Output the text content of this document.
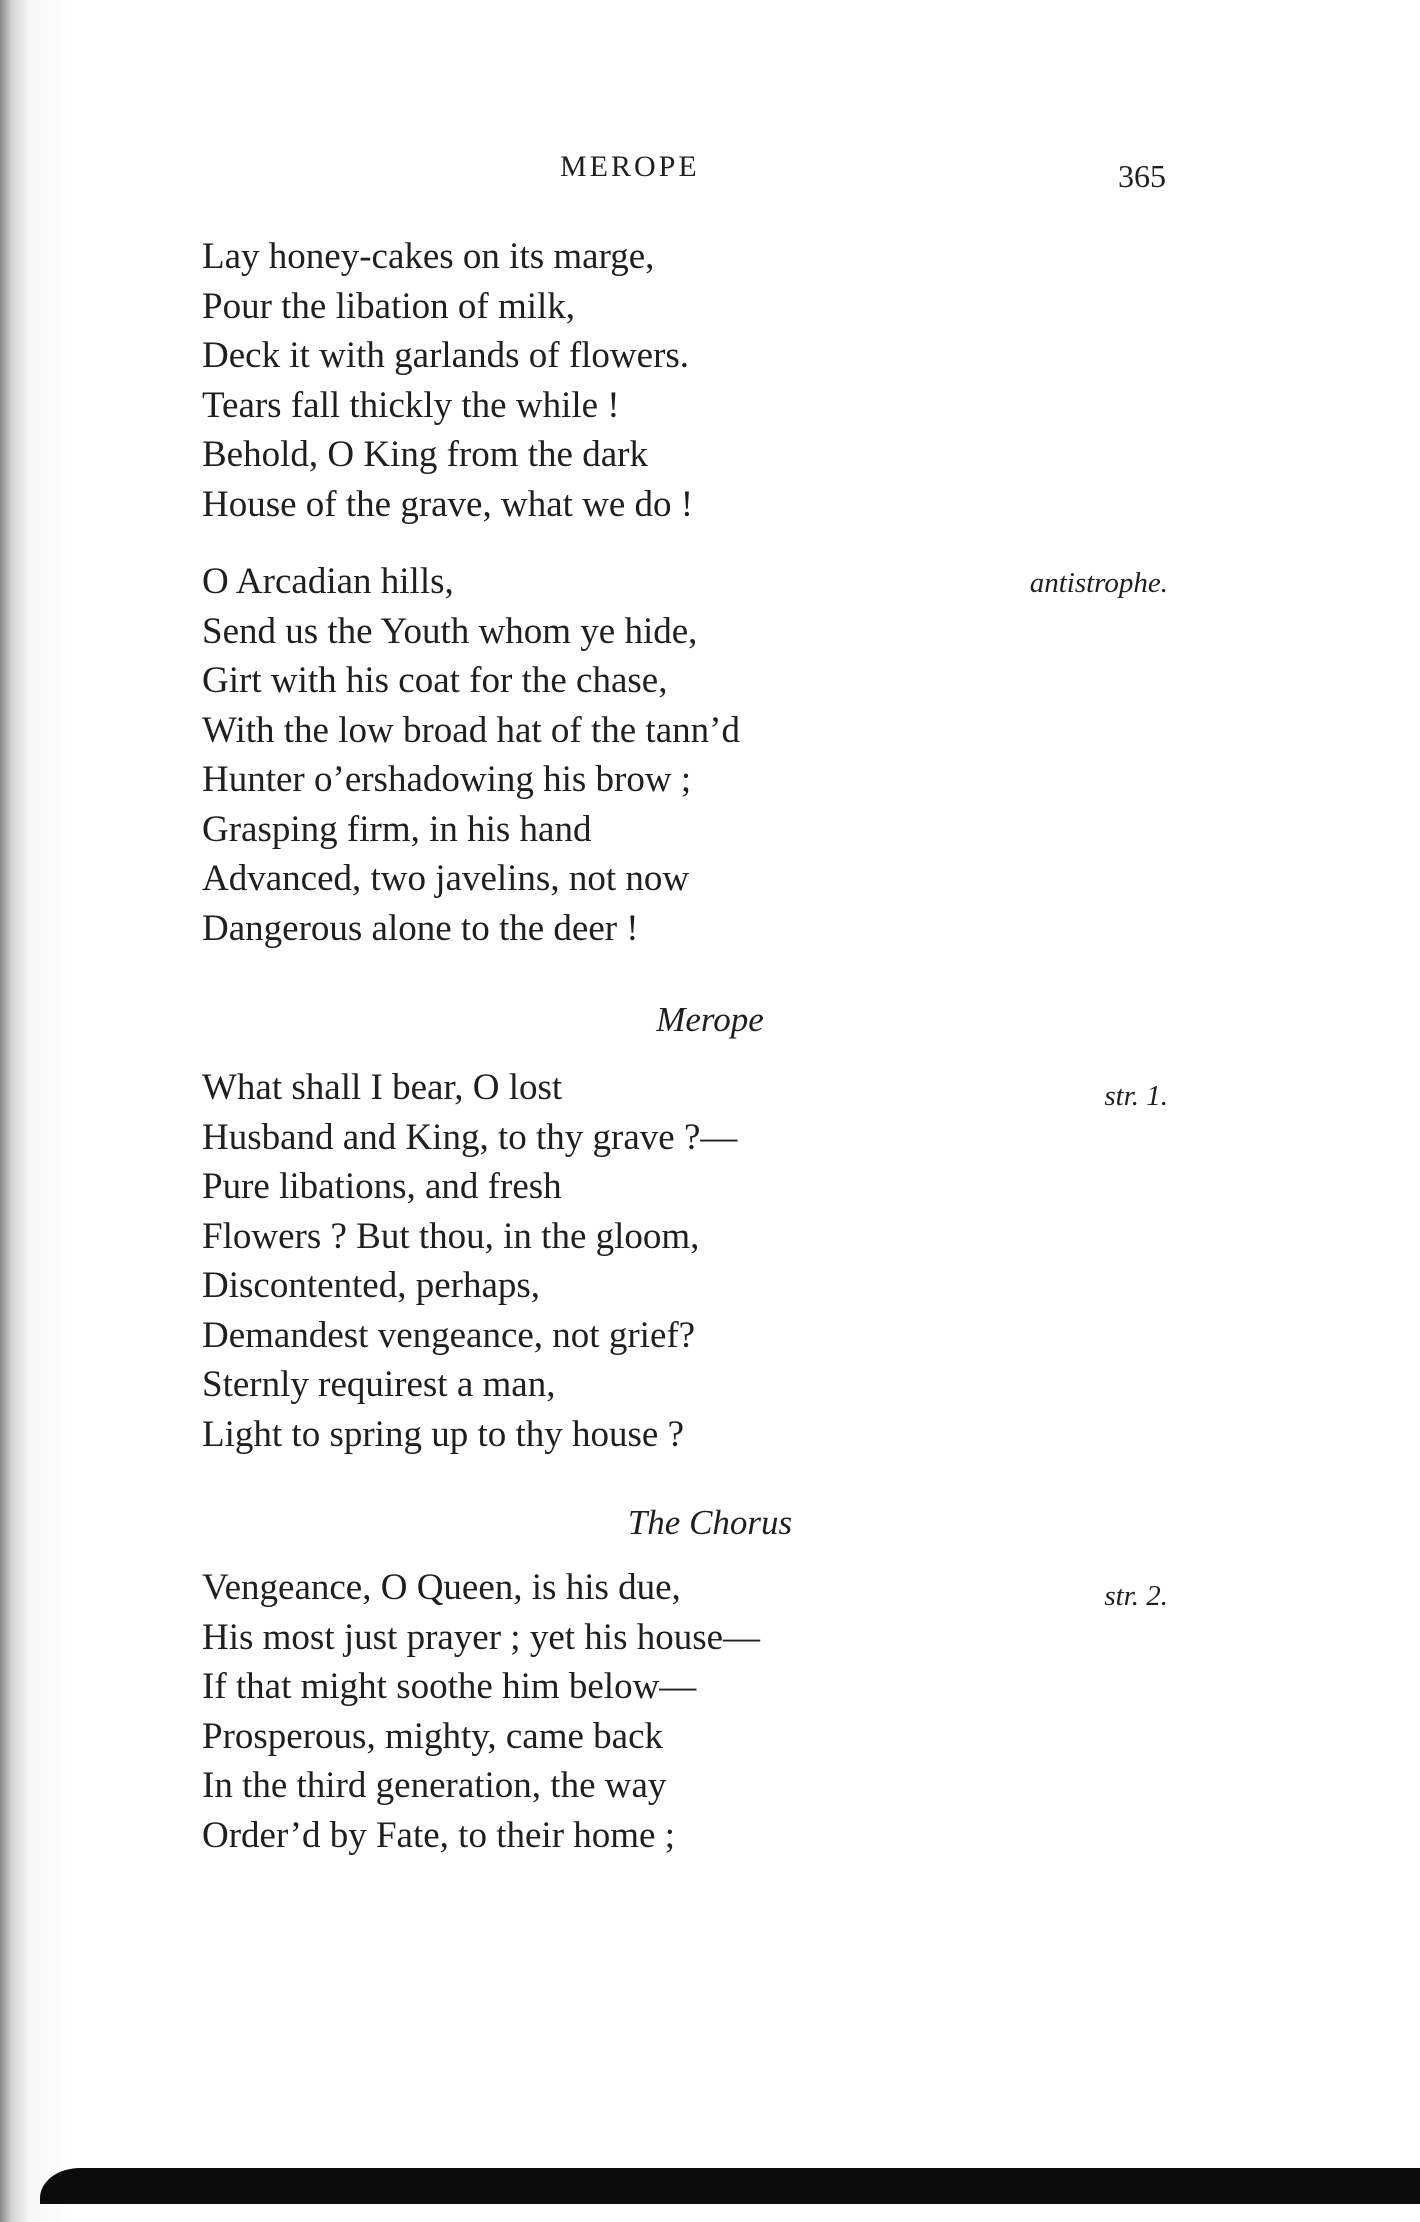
MEROPE	365
Lay honey-cakes on its marge,
Pour the libation of milk,
Deck it with garlands of flowers.
Tears fall thickly the while !
Behold, O King from the dark
House of the grave, what we do !
antistrophe.
O Arcadian hills,
Send us the Youth whom ye hide,
Girt with his coat for the chase,
With the low broad hat of the tann’d
Hunter o’ershadowing his brow ;
Grasping firm, in his hand
Advanced, two javelins, not now
Dangerous alone to the deer !
Merope
str. 1.
What shall I bear, O lost
Husband and King, to thy grave ?—
Pure libations, and fresh
Flowers ? But thou, in the gloom,
Discontented, perhaps,
Demandest vengeance, not grief?
Sternly requirest a man,
Light to spring up to thy house ?
The Chorus
str. 2.
Vengeance, O Queen, is his due,
His most just prayer ; yet his house—
If that might soothe him below—
Prosperous, mighty, came back
In the third generation, the way
Order’d by Fate, to their home ;
